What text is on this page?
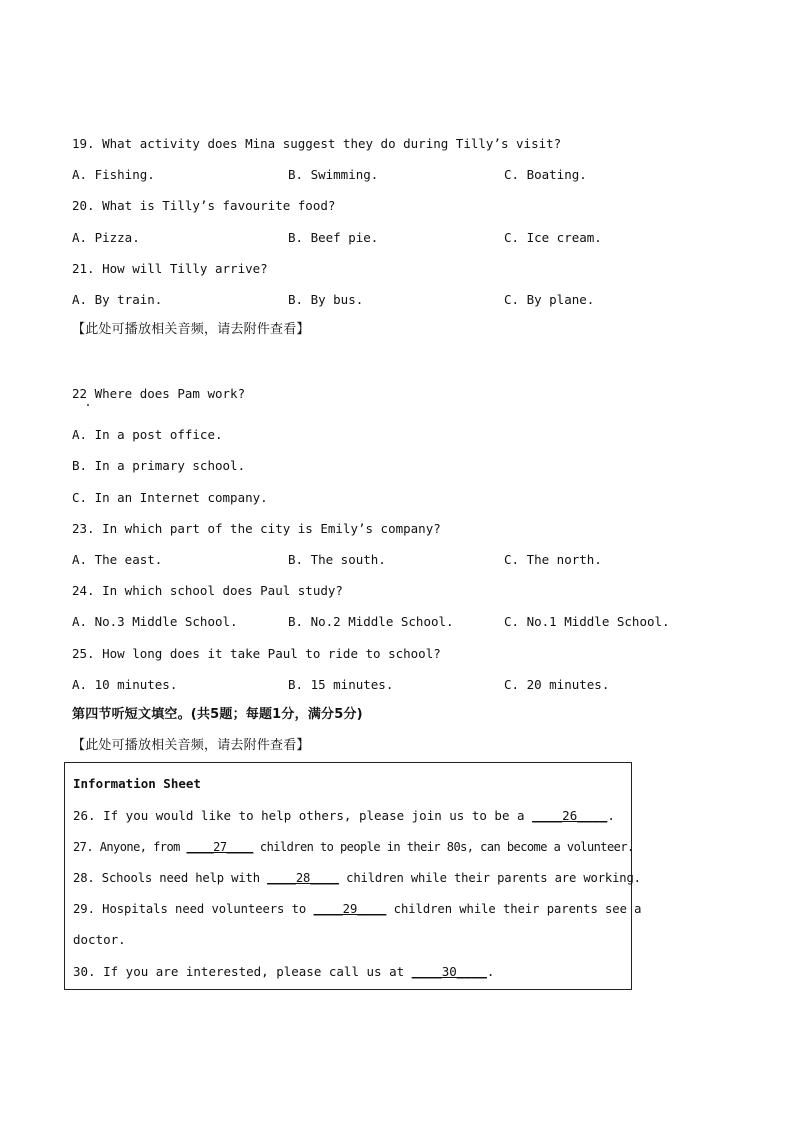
19. What activity does Mina suggest they do during Tilly’s visit?
A. Fishing.	B. Swimming.	C. Boating.
20. What is Tilly’s favourite food?
A. Pizza.	B. Beef pie.	C. Ice cream.
21. How will Tilly arrive?
A. By train.	B. By bus.	C. By plane.
【此处可播放相关音频，请去附件查看】
22 Where does Pam work?
A. In a post office.
B. In a primary school.
C. In an Internet company.
23. In which part of the city is Emily’s company?
A. The east.	B. The south.	C. The north.
24. In which school does Paul study?
A. No.3 Middle School.	B. No.2 Middle School.	C. No.1 Middle School.
25. How long does it take Paul to ride to school?
A. 10 minutes.	B. 15 minutes.	C. 20 minutes.
第四节听短文填空。(共5题；每题1分，满分5分)
【此处可播放相关音频，请去附件查看】
Information Sheet
26. If you would like to help others, please join us to be a ____26____.
27. Anyone, from ____27____ children to people in their 80s, can become a volunteer.
28. Schools need help with ____28____ children while their parents are working.
29. Hospitals need volunteers to ____29____ children while their parents see a
doctor.
30. If you are interested, please call us at ____30____.
